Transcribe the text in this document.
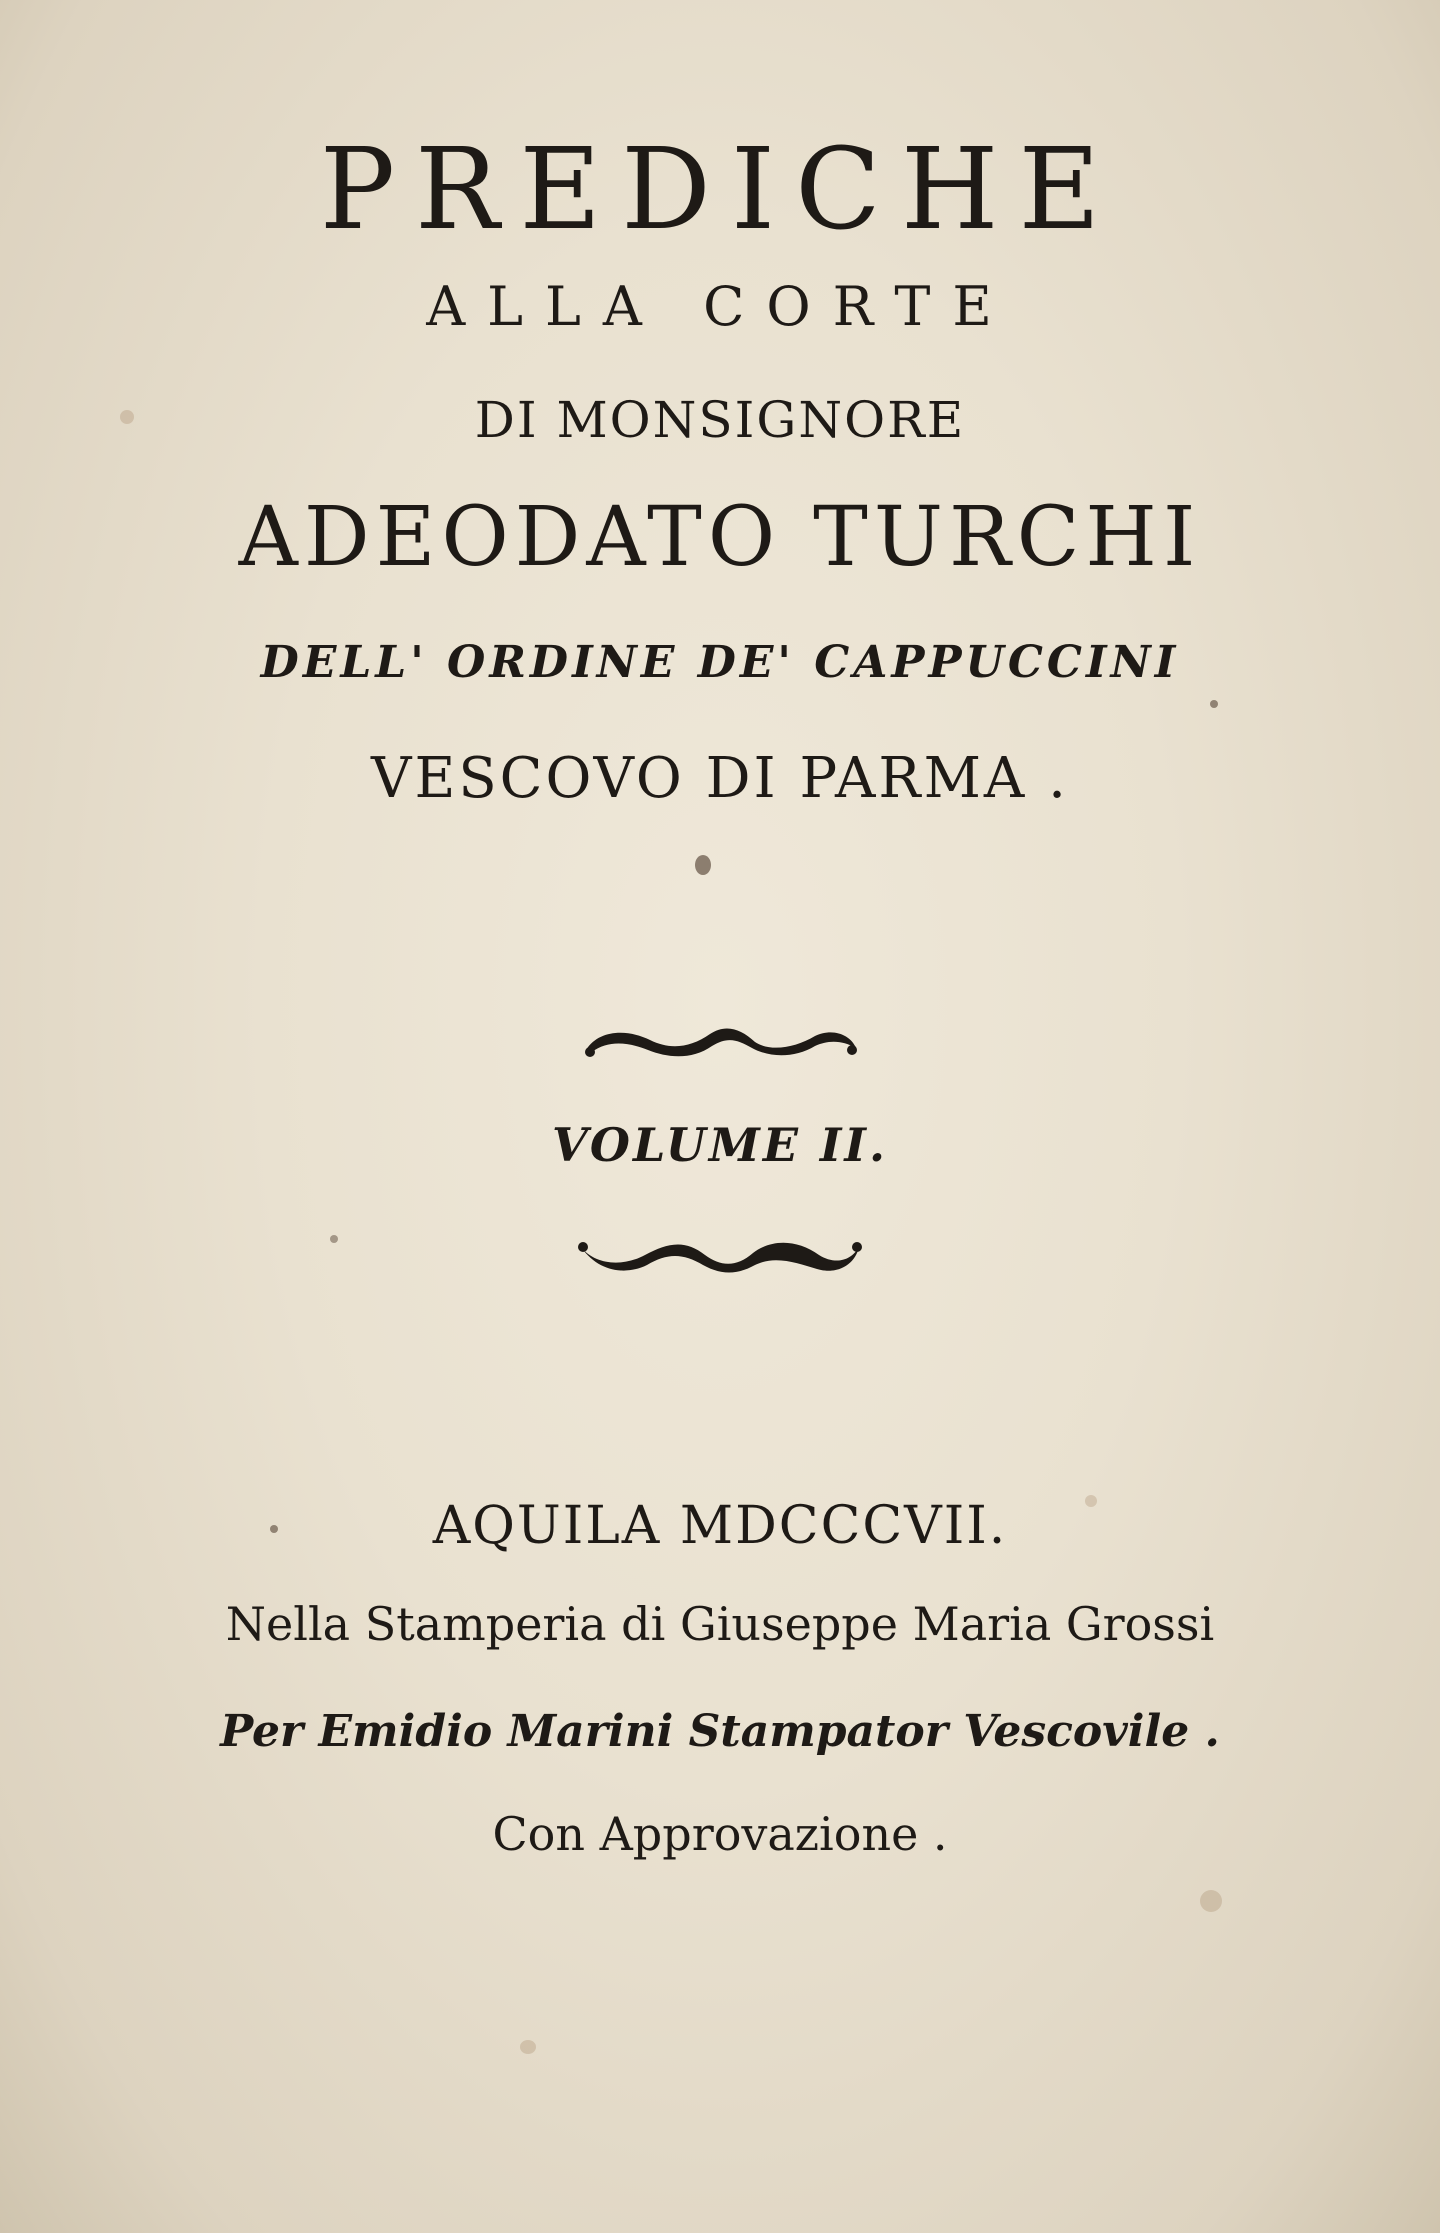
PREDICHE
ALLA CORTE
DI MONSIGNORE
ADEODATO TURCHI
DELL' ORDINE DE' CAPPUCCINI
VESCOVO DI PARMA .
VOLUME II.
AQUILA MDCCCVII.
Nella Stamperia di Giuseppe Maria Grossi
Per Emidio Marini Stampator Vescovile .
Con Approvazione .
